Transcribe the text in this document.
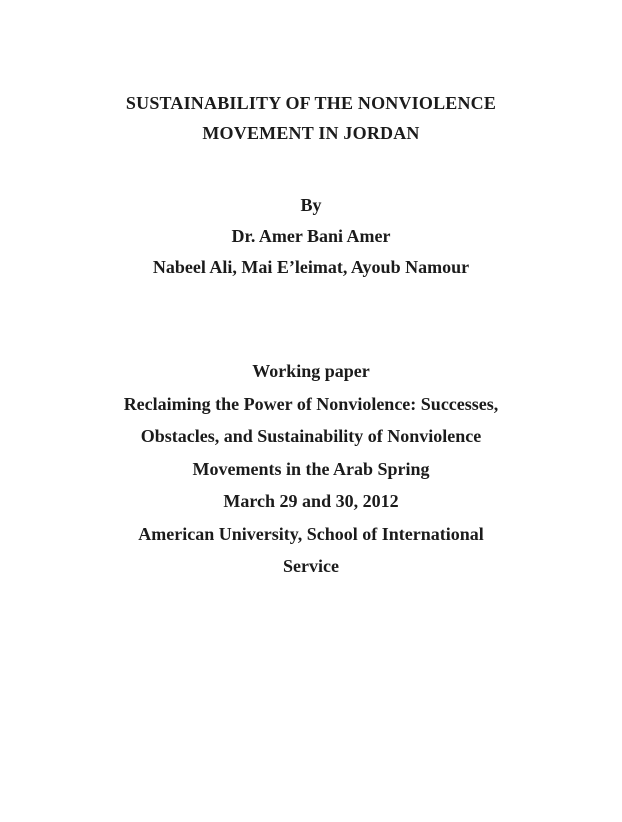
SUSTAINABILITY OF THE NONVIOLENCE
MOVEMENT IN JORDAN
By
Dr. Amer Bani Amer
Nabeel Ali, Mai E’leimat, Ayoub Namour
Working paper
Reclaiming the Power of Nonviolence: Successes,
Obstacles, and Sustainability of Nonviolence
Movements in the Arab Spring
March 29 and 30, 2012
American University, School of International
Service
